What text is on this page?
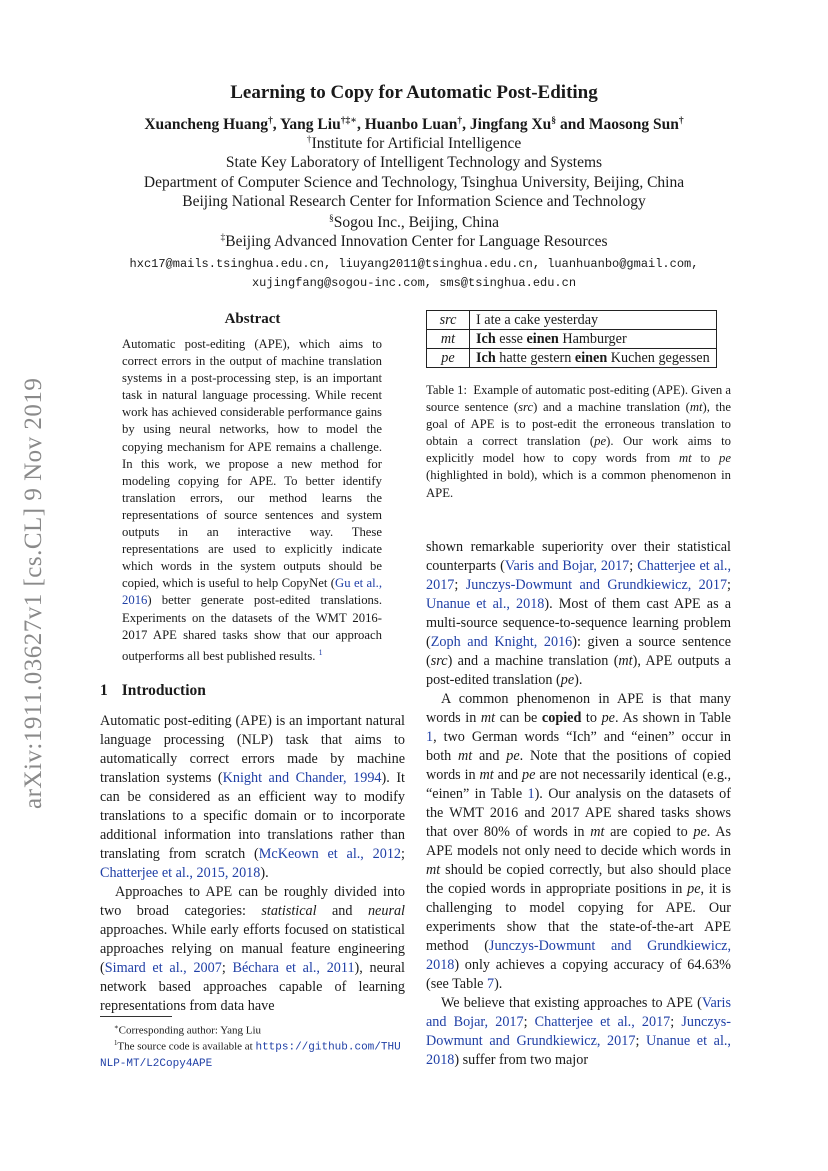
arXiv:1911.03627v1 [cs.CL] 9 Nov 2019
Learning to Copy for Automatic Post-Editing
Xuancheng Huang†, Yang Liu†‡∗, Huanbo Luan†, Jingfang Xu§ and Maosong Sun†
†Institute for Artificial Intelligence
State Key Laboratory of Intelligent Technology and Systems
Department of Computer Science and Technology, Tsinghua University, Beijing, China
Beijing National Research Center for Information Science and Technology
§Sogou Inc., Beijing, China
‡Beijing Advanced Innovation Center for Language Resources
hxc17@mails.tsinghua.edu.cn, liuyang2011@tsinghua.edu.cn, luanhuanbo@gmail.com,
xujingfang@sogou-inc.com, sms@tsinghua.edu.cn
Abstract
Automatic post-editing (APE), which aims to correct errors in the output of machine translation systems in a post-processing step, is an important task in natural language processing. While recent work has achieved considerable performance gains by using neural networks, how to model the copying mechanism for APE remains a challenge. In this work, we propose a new method for modeling copying for APE. To better identify translation errors, our method learns the representations of source sentences and system outputs in an interactive way. These representations are used to explicitly indicate which words in the system outputs should be copied, which is useful to help CopyNet (Gu et al., 2016) better generate post-edited translations. Experiments on the datasets of the WMT 2016-2017 APE shared tasks show that our approach outperforms all best published results. $^1$
src	I ate a cake yesterday
mt	Ich esse einen Hamburger
pe	Ich hatte gestern einen Kuchen gegessen
Table 1: Example of automatic post-editing (APE). Given a source sentence (src) and a machine translation (mt), the goal of APE is to post-edit the erroneous translation to obtain a correct translation (pe). Our work aims to explicitly model how to copy words from mt to pe (highlighted in bold), which is a common phenomenon in APE.
1 Introduction

Automatic post-editing (APE) is an important natural language processing (NLP) task that aims to automatically correct errors made by machine translation systems (Knight and Chander, 1994). It can be considered as an efficient way to modify translations to a specific domain or to incorporate additional information into translations rather than translating from scratch (McKeown et al., 2012; Chatterjee et al., 2015, 2018).

Approaches to APE can be roughly divided into two broad categories: statistical and neural approaches. While early efforts focused on statistical approaches relying on manual feature engineering (Simard et al., 2007; Béchara et al., 2011), neural network based approaches capable of learning representations from data have

shown remarkable superiority over their statistical counterparts (Varis and Bojar, 2017; Chatterjee et al., 2017; Junczys-Dowmunt and Grundkiewicz, 2017; Unanue et al., 2018). Most of them cast APE as a multi-source sequence-to-sequence learning problem (Zoph and Knight, 2016): given a source sentence (src) and a machine translation (mt), APE outputs a post-edited translation (pe).

A common phenomenon in APE is that many words in mt can be copied to pe. As shown in Table 1, two German words “Ich” and “einen” occur in both mt and pe. Note that the positions of copied words in mt and pe are not necessarily identical (e.g., “einen” in Table 1). Our analysis on the datasets of the WMT 2016 and 2017 APE shared tasks shows that over 80% of words in mt are copied to pe. As APE models not only need to decide which words in mt should be copied correctly, but also should place the copied words in appropriate positions in pe, it is challenging to model copying for APE. Our experiments show that the state-of-the-art APE method (Junczys-Dowmunt and Grundkiewicz, 2018) only achieves a copying accuracy of 64.63% (see Table 7).

We believe that existing approaches to APE (Varis and Bojar, 2017; Chatterjee et al., 2017; Junczys-Dowmunt and Grundkiewicz, 2017; Unanue et al., 2018) suffer from two major

∗Corresponding author: Yang Liu
$^1$The source code is available at https://github.com/THUNLP-MT/L2Copy4APE
